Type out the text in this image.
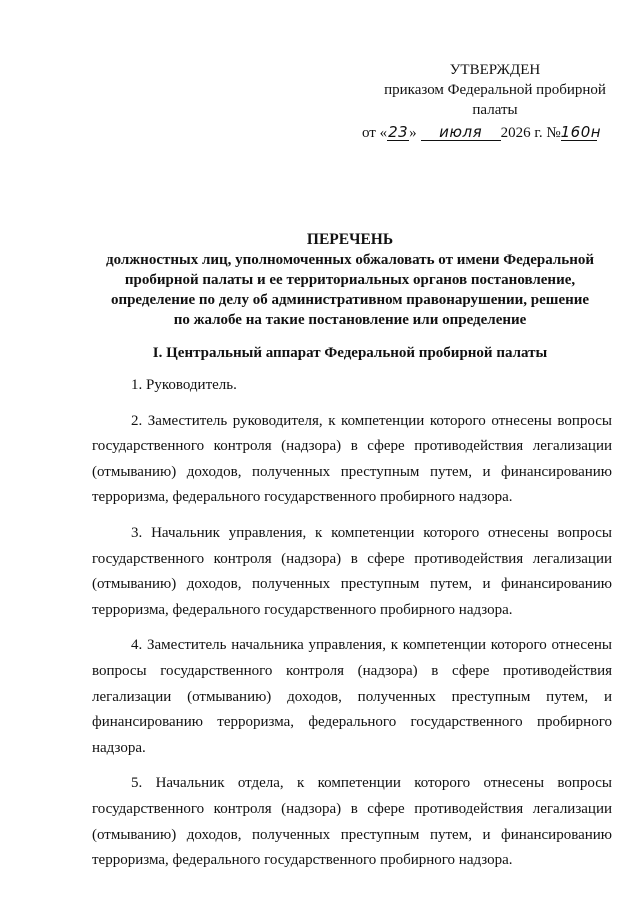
УТВЕРЖДЕН
приказом Федеральной пробирной
палаты
от «23» июля 2026 г. №160н
ПЕРЕЧЕНЬ
должностных лиц, уполномоченных обжаловать от имени Федеральной
пробирной палаты и ее территориальных органов постановление,
определение по делу об административном правонарушении, решение
по жалобе на такие постановление или определение
I. Центральный аппарат Федеральной пробирной палаты

1. Руководитель.

2. Заместитель руководителя, к компетенции которого отнесены вопросы государственного контроля (надзора) в сфере противодействия легализации (отмыванию) доходов, полученных преступным путем, и финансированию терроризма, федерального государственного пробирного надзора.

3. Начальник управления, к компетенции которого отнесены вопросы государственного контроля (надзора) в сфере противодействия легализации (отмыванию) доходов, полученных преступным путем, и финансированию терроризма, федерального государственного пробирного надзора.

4. Заместитель начальника управления, к компетенции которого отнесены вопросы государственного контроля (надзора) в сфере противодействия легализации (отмыванию) доходов, полученных преступным путем, и финансированию терроризма, федерального государственного пробирного надзора.

5. Начальник отдела, к компетенции которого отнесены вопросы государственного контроля (надзора) в сфере противодействия легализации (отмыванию) доходов, полученных преступным путем, и финансированию терроризма, федерального государственного пробирного надзора.
